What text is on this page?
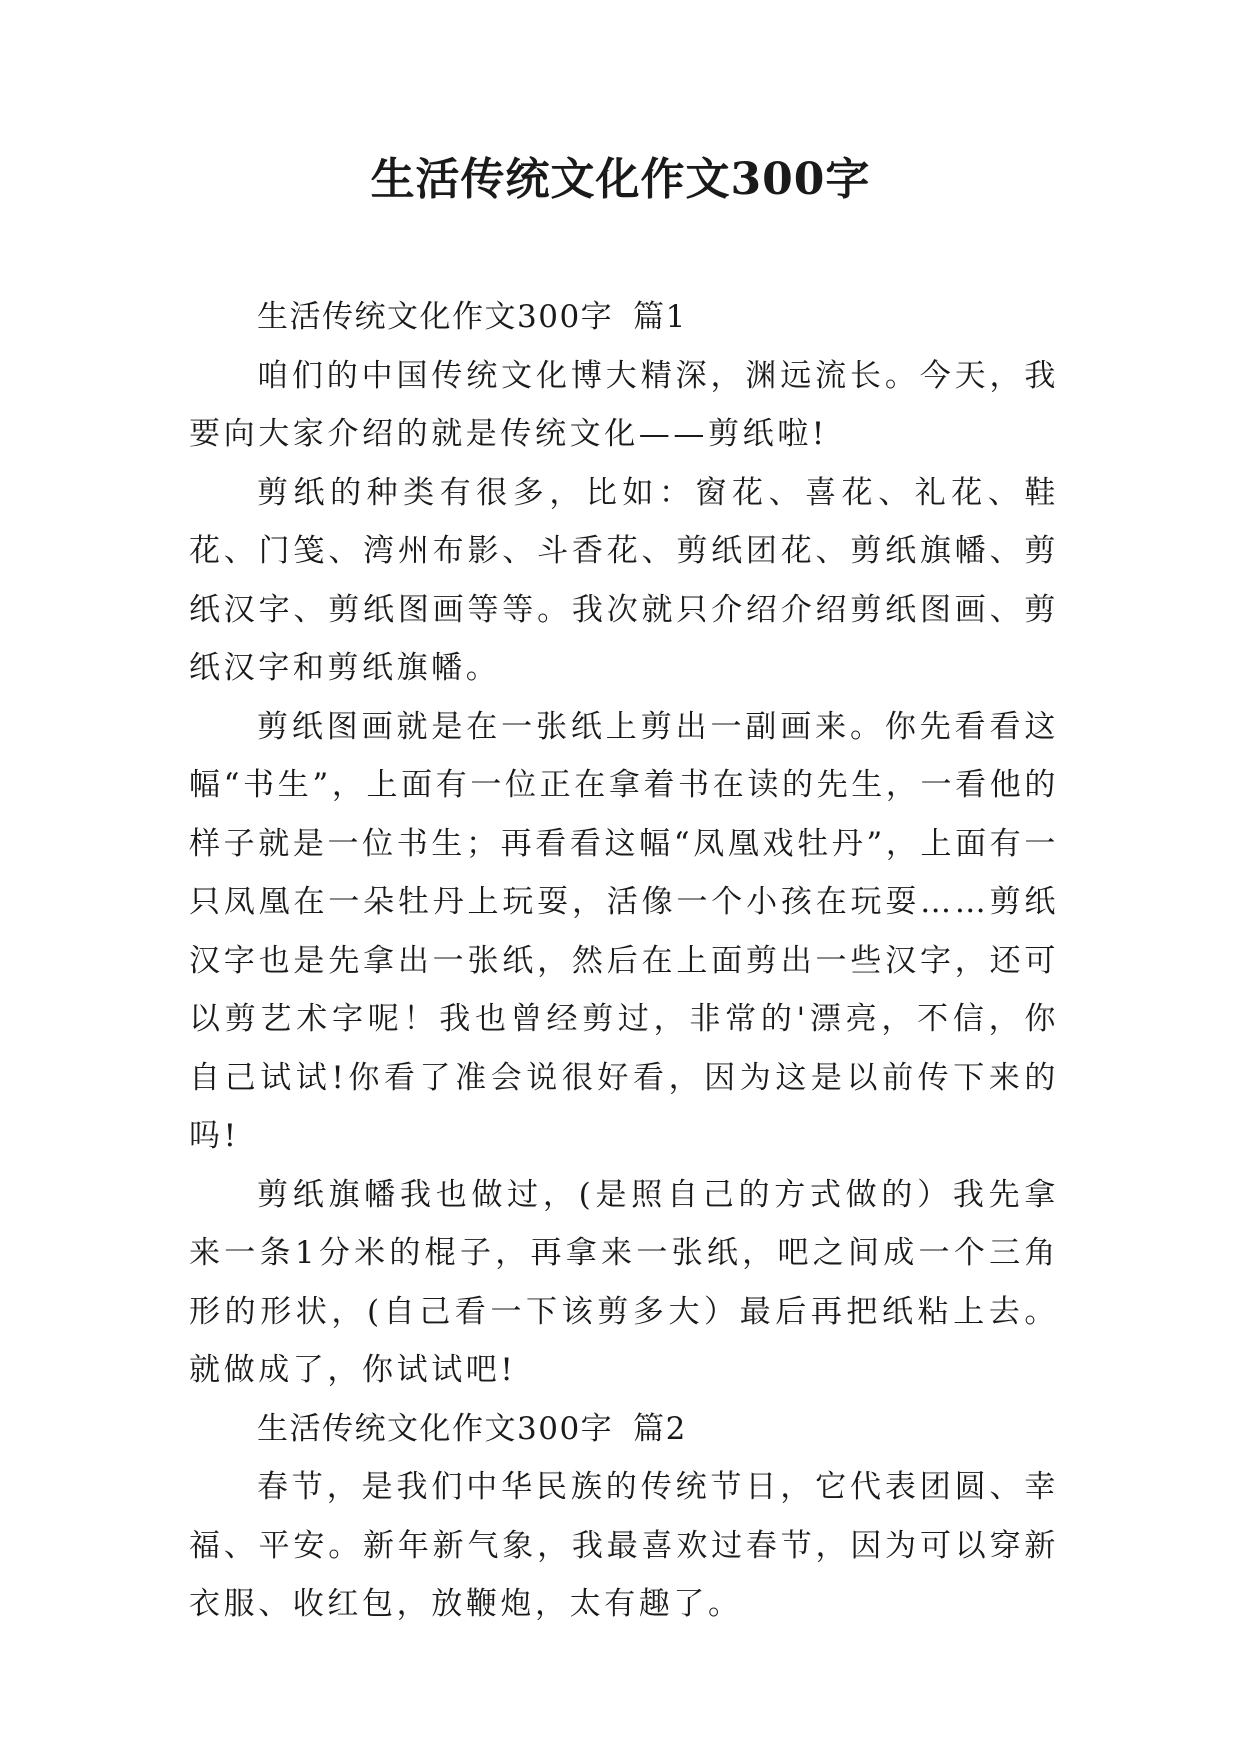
生活传统文化作文300字
生活传统文化作文300字 篇1

咱们的中国传统文化博大精深，渊远流长。今天，我要向大家介绍的就是传统文化——剪纸啦!

剪纸的种类有很多，比如：窗花、喜花、礼花、鞋花、门笺、湾州布影、斗香花、剪纸团花、剪纸旗幡、剪纸汉字、剪纸图画等等。我次就只介绍介绍剪纸图画、剪纸汉字和剪纸旗幡。

剪纸图画就是在一张纸上剪出一副画来。你先看看这幅“书生”，上面有一位正在拿着书在读的先生，一看他的样子就是一位书生；再看看这幅“凤凰戏牡丹”，上面有一只凤凰在一朵牡丹上玩耍，活像一个小孩在玩耍……剪纸汉字也是先拿出一张纸，然后在上面剪出一些汉字，还可以剪艺术字呢！我也曾经剪过，非常的'漂亮，不信，你自己试试!你看了准会说很好看，因为这是以前传下来的吗!

剪纸旗幡我也做过，(是照自己的方式做的）我先拿来一条1分米的棍子，再拿来一张纸，吧之间成一个三角形的形状，(自己看一下该剪多大）最后再把纸粘上去。就做成了，你试试吧!

生活传统文化作文300字 篇2

春节，是我们中华民族的传统节日，它代表团圆、幸福、平安。新年新气象，我最喜欢过春节，因为可以穿新衣服、收红包，放鞭炮，太有趣了。
